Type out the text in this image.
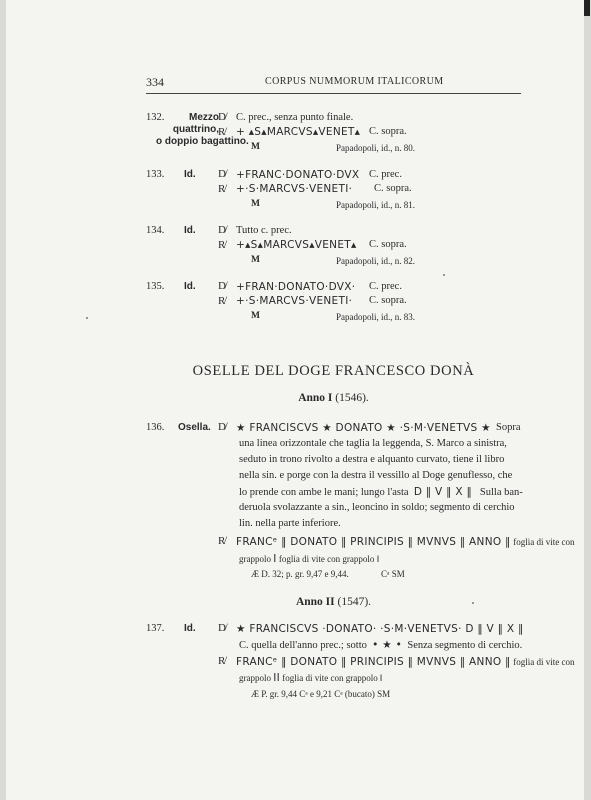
334	CORPUS NUMMORUM ITALICORUM
132.	Mezzo
quattrino,
o doppio bagattino.
D̸ C. prec., senza punto finale.
R̸ + ▴S▴MARCVS▴VENET▴ C. sopra.
M	Papadopoli, id., n. 80.
133. Id. D̸ +FRANC·DONATO·DVX C. prec.
R̸ +·S·MARCVS·VENETI· C. sopra.
M	Papadopoli, id., n. 81.
134. Id. D̸ Tutto c. prec.
R̸ +▴S▴MARCVS▴VENET▴ C. sopra.
M	Papadopoli, id., n. 82.
135. Id. D̸ +FRAN·DONATO·DVX· C. prec.
R̸ +·S·MARCVS·VENETI· C. sopra.
M	Papadopoli, id., n. 83.
OSELLE DEL DOGE FRANCESCO DONÀ
Anno I (1546).
136. Osella. D̸ ★ FRANCISCVS ★ DONATO ★ ·S·M·VENETVS ★ Sopra
una linea orizzontale che taglia la leggenda, S. Marco a sinistra,
seduto in trono rivolto a destra e alquanto curvato, tiene il libro
nella sin. e porge con la destra il vessillo al Doge genuflesso, che
lo prende con ambe le mani; lungo l'asta D ‖ V ‖ X ‖ Sulla ban-
deruola svolazzante a sin., leoncino in soldo; segmento di cerchio
lin. nella parte inferiore.
R̸ FRANCᵉ ‖ DONATO ‖ PRINCIPIS ‖ MVNVS ‖ ANNO ‖ foglia di vite con
grappolo I foglia di vite con grappolo ‖
Æ D. 32; p. gr. 9,47 e 9,44.	Cᵃ SM
Anno II (1547).
137. Id. D̸ ★ FRANCISCVS ·DONATO· ·S·M·VENETVS· D ‖ V ‖ X ‖
C. quella dell'anno prec.; sotto • ★ • Senza segmento di cerchio.
R̸ FRANCᵉ ‖ DONATO ‖ PRINCIPIS ‖ MVNVS ‖ ANNO ‖ foglia di vite con
grappolo II foglia di vite con grappolo ‖
Æ P. gr. 9,44 Cᵃ e 9,21 Cᵃ (bucato) SM
